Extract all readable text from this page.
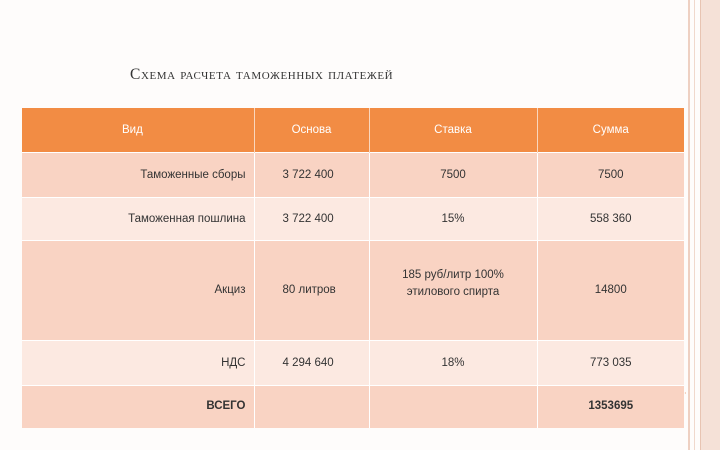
·
Схема расчета таможенных платежей
Вид	Основа	Ставка	Сумма
Таможенные сборы	3 722 400	7500	7500
Таможенная пошлина	3 722 400	15%	558 360
Акциз	80 литров	185 руб/литр 100% этилового спирта	14800
НДС	4 294 640	18%	773 035
ВСЕГО			1353695
